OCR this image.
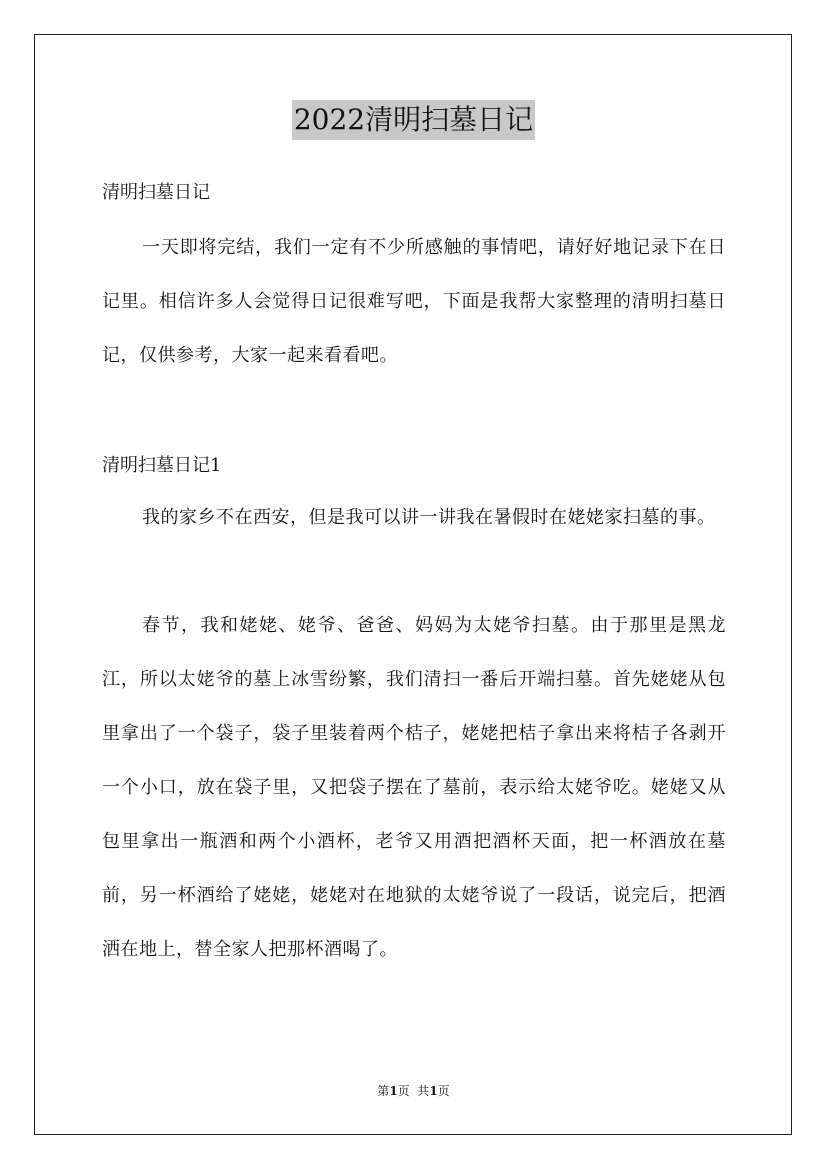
2022清明扫墓日记
清明扫墓日记
一天即将完结，我们一定有不少所感触的事情吧，请好好地记录下在日记里。相信许多人会觉得日记很难写吧，下面是我帮大家整理的清明扫墓日记，仅供参考，大家一起来看看吧。
清明扫墓日记1
我的家乡不在西安，但是我可以讲一讲我在暑假时在姥姥家扫墓的事。
春节，我和姥姥、姥爷、爸爸、妈妈为太姥爷扫墓。由于那里是黑龙江，所以太姥爷的墓上冰雪纷繁，我们清扫一番后开端扫墓。首先姥姥从包里拿出了一个袋子，袋子里装着两个桔子，姥姥把桔子拿出来将桔子各剥开一个小口，放在袋子里，又把袋子摆在了墓前，表示给太姥爷吃。姥姥又从包里拿出一瓶酒和两个小酒杯，老爷又用酒把酒杯天面，把一杯酒放在墓前，另一杯酒给了姥姥，姥姥对在地狱的太姥爷说了一段话，说完后，把酒洒在地上，替全家人把那杯酒喝了。
第1页  共1页
